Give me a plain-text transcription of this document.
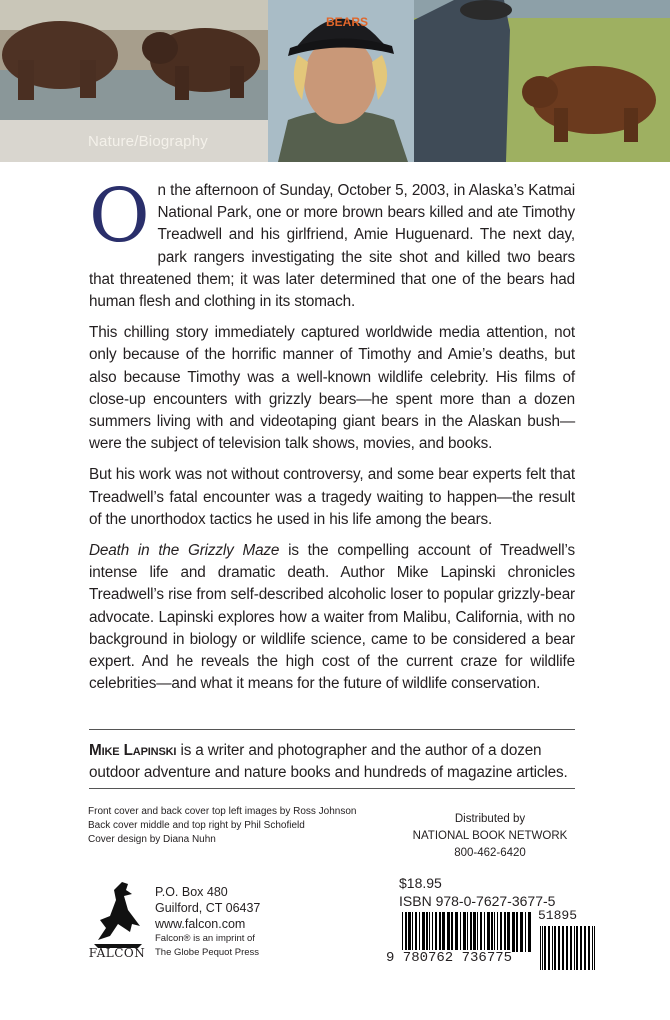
BEARS
Nature/Biography

On the afternoon of Sunday, October 5, 2003, in Alaska’s Katmai National Park, one or more brown bears killed and ate Timothy Treadwell and his girlfriend, Amie Huguenard. The next day, park rangers investigating the site shot and killed two bears that threatened them; it was later determined that one of the bears had human flesh and clothing in its stomach.

This chilling story immediately captured worldwide media attention, not only because of the horrific manner of Timothy and Amie’s deaths, but also because Timothy was a well-known wildlife celebrity. His films of close-up encounters with grizzly bears—he spent more than a dozen summers living with and videotaping giant bears in the Alaskan bush—were the subject of television talk shows, movies, and books.

But his work was not without controversy, and some bear experts felt that Treadwell’s fatal encounter was a tragedy waiting to happen—the result of the unorthodox tactics he used in his life among the bears.

Death in the Grizzly Maze is the compelling account of Treadwell’s intense life and dramatic death. Author Mike Lapinski chronicles Treadwell’s rise from self-described alcoholic loser to popular grizzly-bear advocate. Lapinski explores how a waiter from Malibu, California, with no background in biology or wildlife science, came to be considered a bear expert. And he reveals the high cost of the current craze for wildlife celebrities—and what it means for the future of wildlife conservation.

Mike Lapinski is a writer and photographer and the author of a dozen outdoor adventure and nature books and hundreds of magazine articles.
Front cover and back cover top left images by Ross Johnson
Back cover middle and top right by Phil Schofield
Cover design by Diana Nuhn
Distributed by
NATIONAL BOOK NETWORK
800-462-6420
FALCON
P.O. Box 480
Guilford, CT 06437
www.falcon.com
Falcon® is an imprint of
The Globe Pequot Press
$18.95
ISBN 978-0-7627-3677-5
9 780762 736775
51895
